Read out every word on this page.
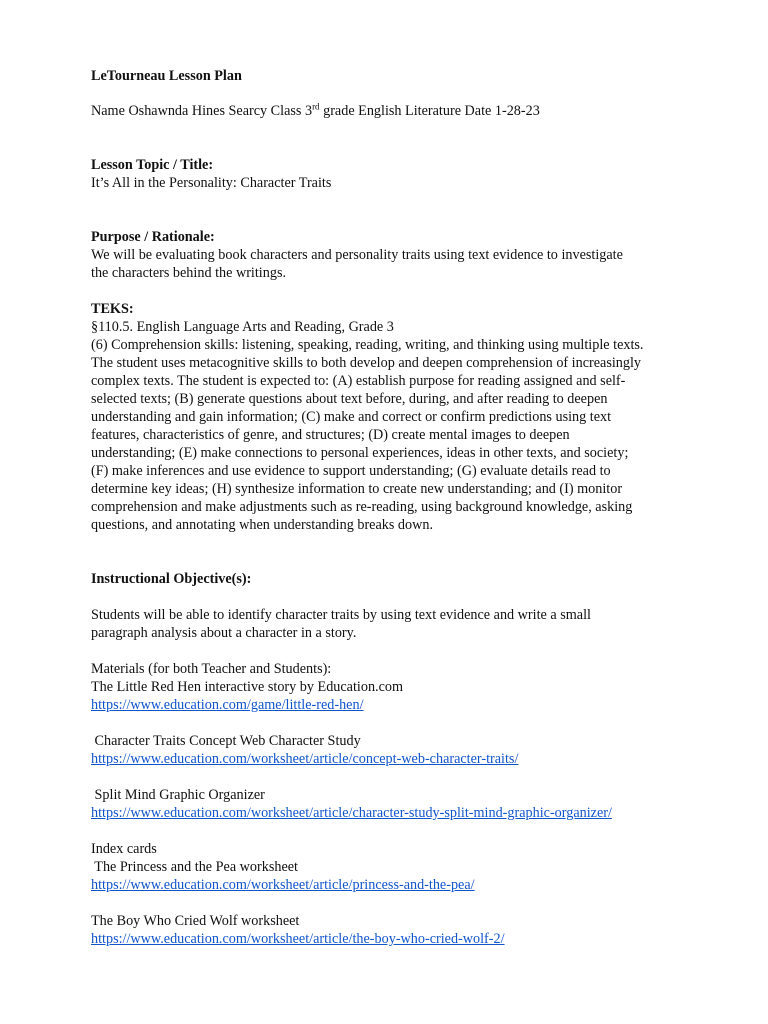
LeTourneau Lesson Plan

Name Oshawnda Hines Searcy Class 3rd grade English Literature Date 1-28-23

Lesson Topic / Title:

It’s All in the Personality: Character Traits

Purpose / Rationale:

We will be evaluating book characters and personality traits using text evidence to investigate

the characters behind the writings.

TEKS:

§110.5. English Language Arts and Reading, Grade 3

(6) Comprehension skills: listening, speaking, reading, writing, and thinking using multiple texts.

The student uses metacognitive skills to both develop and deepen comprehension of increasingly

complex texts. The student is expected to: (A) establish purpose for reading assigned and self-

selected texts; (B) generate questions about text before, during, and after reading to deepen

understanding and gain information; (C) make and correct or confirm predictions using text

features, characteristics of genre, and structures; (D) create mental images to deepen

understanding; (E) make connections to personal experiences, ideas in other texts, and society;

(F) make inferences and use evidence to support understanding; (G) evaluate details read to

determine key ideas; (H) synthesize information to create new understanding; and (I) monitor

comprehension and make adjustments such as re-reading, using background knowledge, asking

questions, and annotating when understanding breaks down.

Instructional Objective(s):

Students will be able to identify character traits by using text evidence and write a small

paragraph analysis about a character in a story.

Materials (for both Teacher and Students):

The Little Red Hen interactive story by Education.com

https://www.education.com/game/little-red-hen/

Character Traits Concept Web Character Study

https://www.education.com/worksheet/article/concept-web-character-traits/

Split Mind Graphic Organizer

https://www.education.com/worksheet/article/character-study-split-mind-graphic-organizer/

Index cards

The Princess and the Pea worksheet

https://www.education.com/worksheet/article/princess-and-the-pea/

The Boy Who Cried Wolf worksheet

https://www.education.com/worksheet/article/the-boy-who-cried-wolf-2/
